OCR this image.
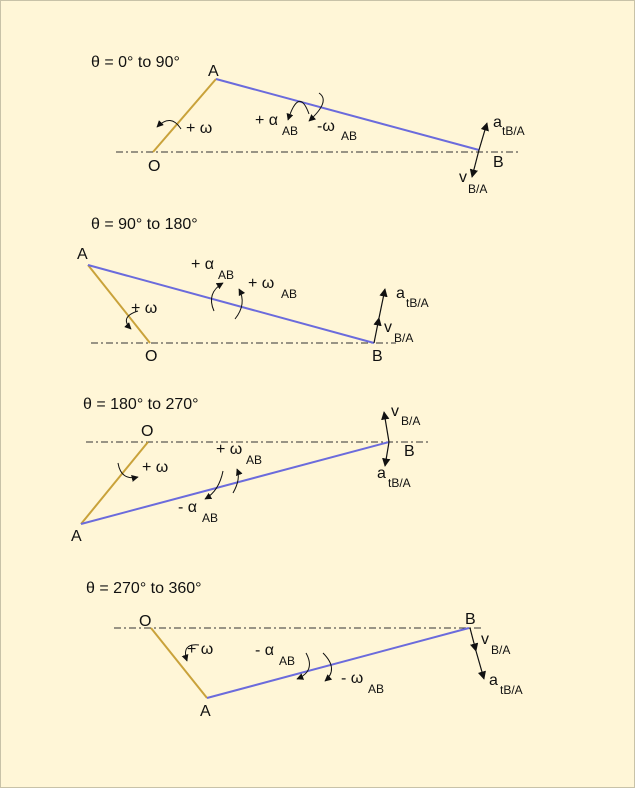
θ = 0° to 90°
A
O	B
+ ω	+ α
AB -ω
AB
v
B/A
a tB/A
θ = 90° to 180°
A
O	B
+ ω
+ α
AB + ω
AB
v
B/A
a
tB/A
θ = 180° to 270°
O
A
B
+ ω
- α
AB
+ ω
AB
v
B/A
a
tB/A
θ = 270° to 360°
O
A
B
+ ω	- α
AB
- ω
AB
v
B/A
a
tB/A
